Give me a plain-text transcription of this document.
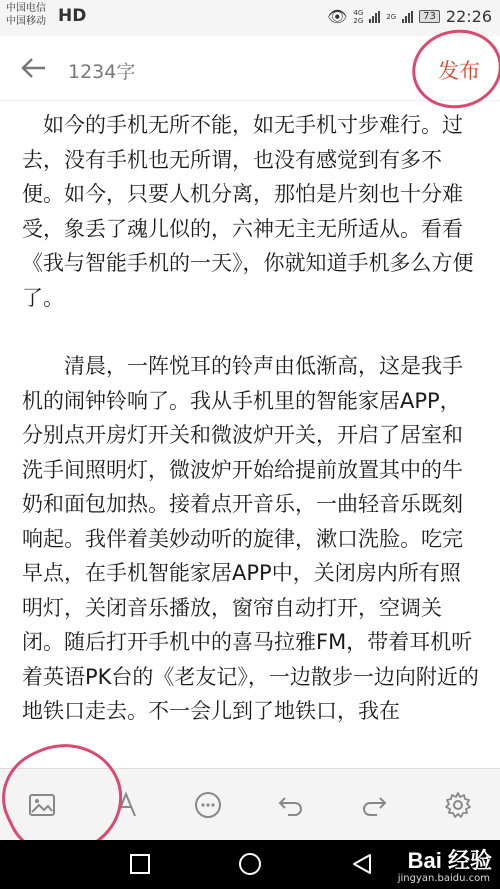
中国电信
中国移动 HD	👁 4G
2G	2G	73 22:26
1234字	发布

如今的手机无所不能，如无手机寸步难行。过去，没有手机也无所谓，也没有感觉到有多不便。如今，只要人机分离，那怕是片刻也十分难受，象丢了魂儿似的，六神无主无所适从。看看《我与智能手机的一天》，你就知道手机多么方便了。

清晨，一阵悦耳的铃声由低渐高，这是我手机的闹钟铃响了。我从手机里的智能家居APP，分别点开房灯开关和微波炉开关，开启了居室和洗手间照明灯，微波炉开始给提前放置其中的牛奶和面包加热。接着点开音乐，一曲轻音乐既刻响起。我伴着美妙动听的旋律，漱口洗脸。吃完早点，在手机智能家居APP中，关闭房内所有照明灯，关闭音乐播放，窗帘自动打开，空调关闭。随后打开手机中的喜马拉雅FM，带着耳机听着英语PK台的《老友记》，一边散步一边向附近的地铁口走去。不一会儿到了地铁口，我在

Bai 经验
jingyan.baidu.com
